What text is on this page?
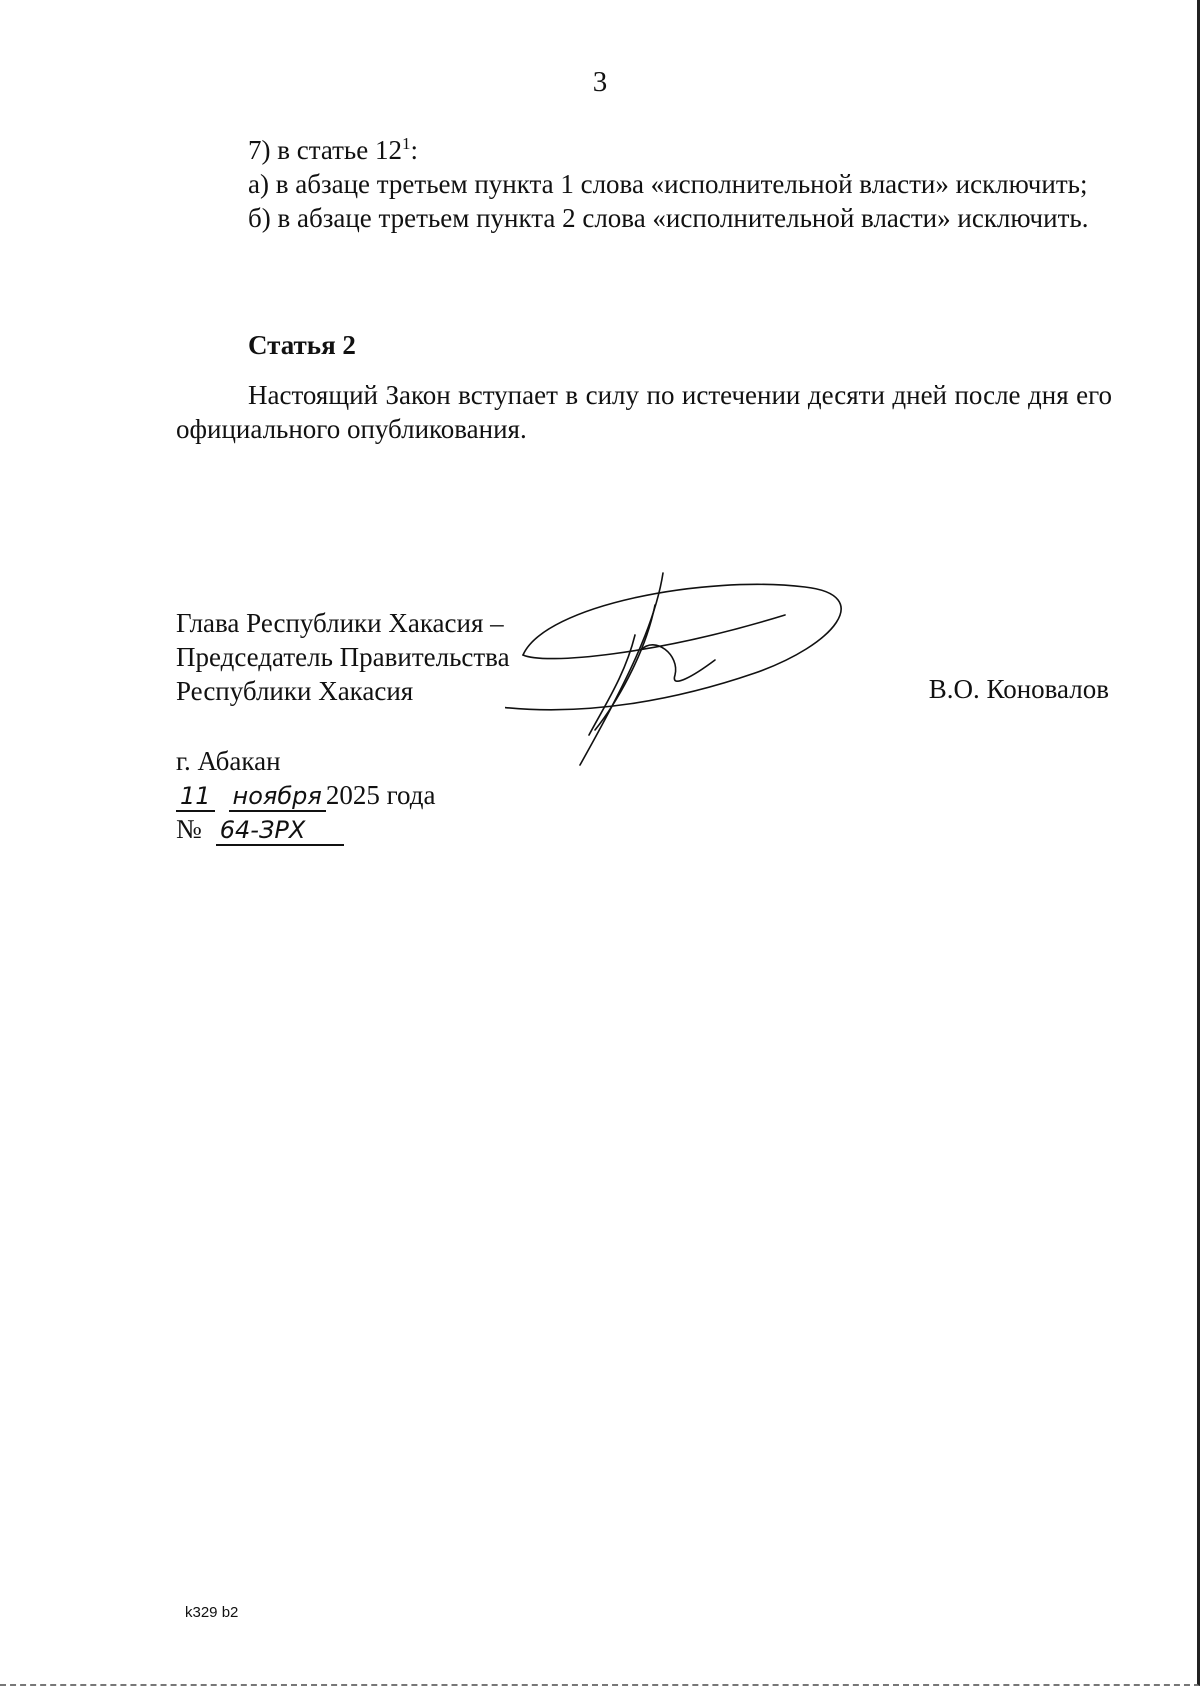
3

7) в статье $12^1$:

а) в абзаце третьем пункта 1 слова «исполнительной власти» исключить;

б) в абзаце третьем пункта 2 слова «исполнительной власти» исключить.

Статья 2

Настоящий Закон вступает в силу по истечении десяти дней после дня его официального опубликования.

Глава Республики Хакасия –
Председатель Правительства
Республики Хакасия	В.О. Коновалов
г. Абакан
11 ноября 2025 года
№ 64-ЗРХ
k329 b2
